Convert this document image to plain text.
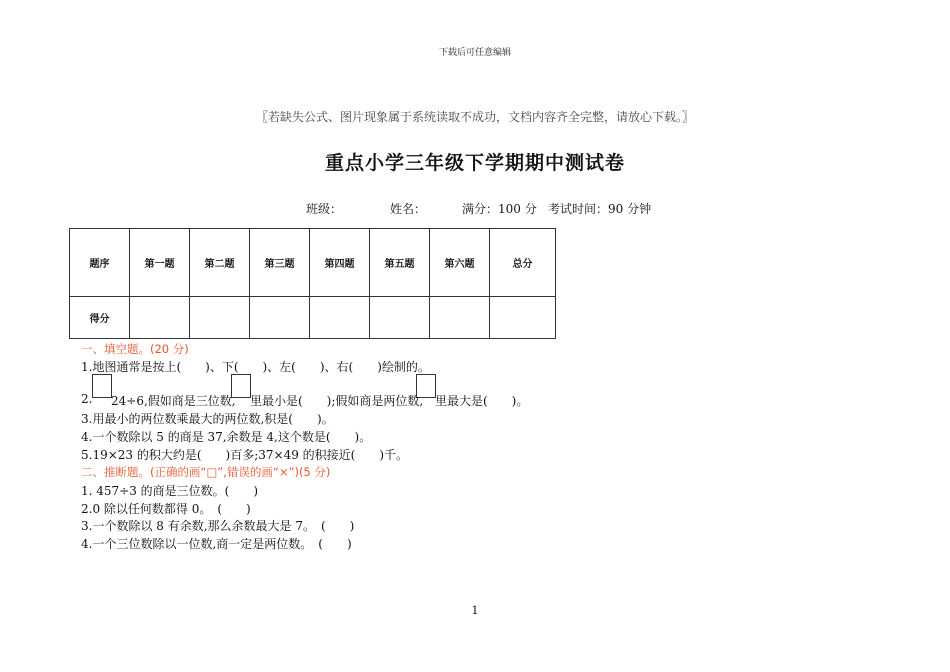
下载后可任意编辑
〖若缺失公式、图片现象属于系统读取不成功，文档内容齐全完整，请放心下载。〗
重点小学三年级下学期期中测试卷
班级：	姓名：	满分：100 分 考试时间：90 分钟
题序	第一题	第二题	第三题	第四题	第五题	第六题	总分
得分							
一、填空题。(20 分)
1.地图通常是按上(　　)、下(　　)、左(　　)、右(　　)绘制的。
2. 24÷6,假如商是三位数, 里最小是(　　);假如商是两位数, 里最大是(　　)。
3.用最小的两位数乘最大的两位数,积是(　　)。
4.一个数除以 5 的商是 37,余数是 4,这个数是(　　)。
5.19×23 的积大约是(　　)百多;37×49 的积接近(　　)千。
二、推断题。(正确的画“□”,错误的画“×”)(5 分)
1. 457÷3 的商是三位数。(　　)
2.0 除以任何数都得 0。　(　　)
3.一个数除以 8 有余数,那么余数最大是 7。　(　　)
4.一个三位数除以一位数,商一定是两位数。　(　　)
1
